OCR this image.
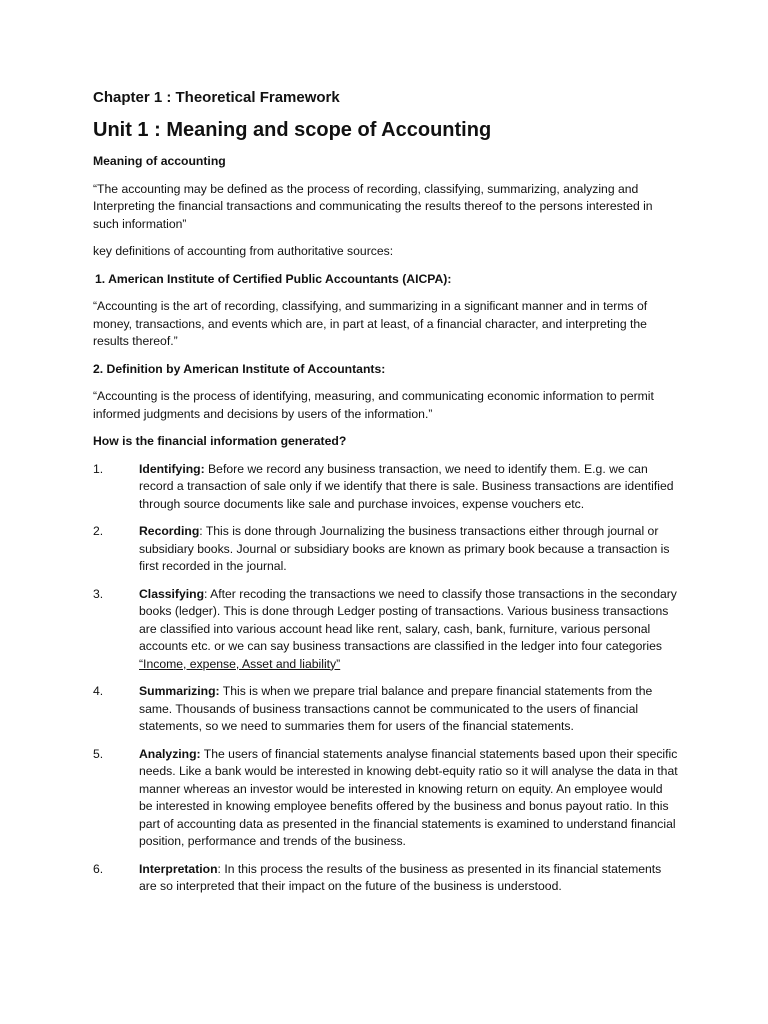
Chapter 1 : Theoretical Framework
Unit 1 : Meaning and scope of Accounting
Meaning of accounting
“The accounting may be defined as the process of recording, classifying, summarizing, analyzing and Interpreting the financial transactions and communicating the results thereof to the persons interested in such information”
key definitions of accounting from authoritative sources:
1. American Institute of Certified Public Accountants (AICPA):
“Accounting is the art of recording, classifying, and summarizing in a significant manner and in terms of money, transactions, and events which are, in part at least, of a financial character, and interpreting the results thereof.”
2. Definition by American Institute of Accountants:
“Accounting is the process of identifying, measuring, and communicating economic information to permit informed judgments and decisions by users of the information.”
How is the financial information generated?
1.	Identifying: Before we record any business transaction, we need to identify them. E.g. we can record a transaction of sale only if we identify that there is sale. Business transactions are identified through source documents like sale and purchase invoices, expense vouchers etc.
2.	Recording: This is done through Journalizing the business transactions either through journal or subsidiary books. Journal or subsidiary books are known as primary book because a transaction is first recorded in the journal.
3.	Classifying: After recoding the transactions we need to classify those transactions in the secondary books (ledger). This is done through Ledger posting of transactions. Various business transactions are classified into various account head like rent, salary, cash, bank, furniture, various personal accounts etc. or we can say business transactions are classified in the ledger into four categories “Income, expense, Asset and liability”
4.	Summarizing: This is when we prepare trial balance and prepare financial statements from the same. Thousands of business transactions cannot be communicated to the users of financial statements, so we need to summaries them for users of the financial statements.
5.	Analyzing: The users of financial statements analyse financial statements based upon their specific needs. Like a bank would be interested in knowing debt-equity ratio so it will analyse the data in that manner whereas an investor would be interested in knowing return on equity. An employee would be interested in knowing employee benefits offered by the business and bonus payout ratio. In this part of accounting data as presented in the financial statements is examined to understand financial position, performance and trends of the business.
6.	Interpretation: In this process the results of the business as presented in its financial statements are so interpreted that their impact on the future of the business is understood.
